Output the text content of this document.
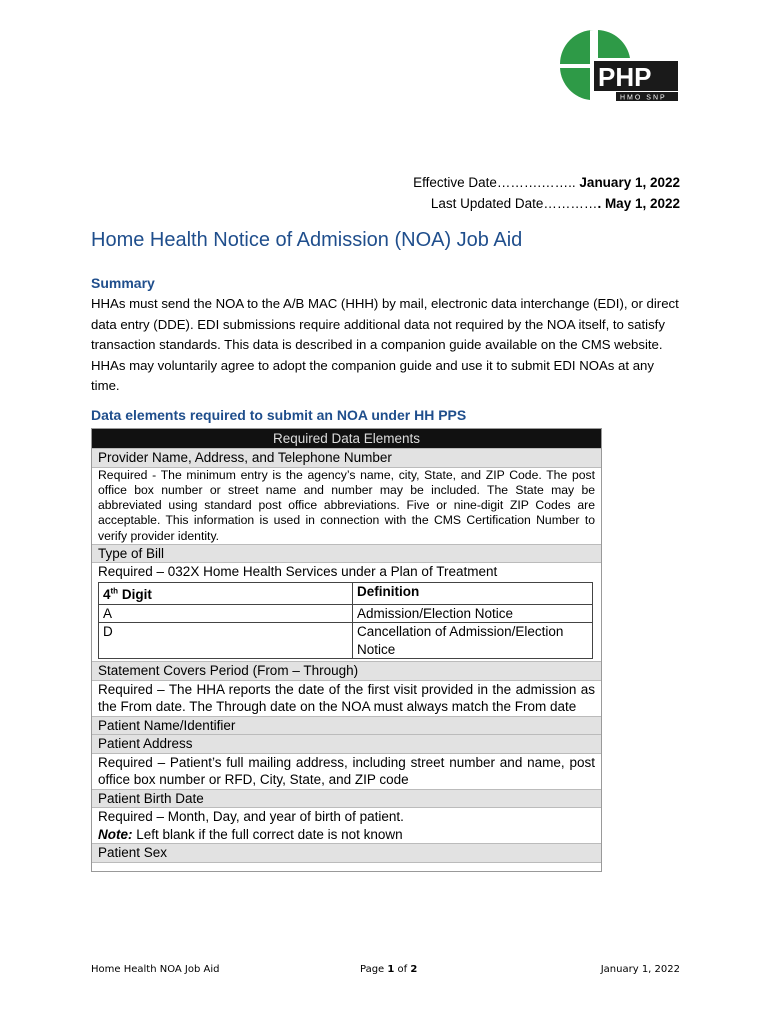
PHP	TM
HMO SNP
Effective Date……….…….. January 1, 2022
Last Updated Date…………. May 1, 2022
Home Health Notice of Admission (NOA) Job Aid
Summary
HHAs must send the NOA to the A/B MAC (HHH) by mail, electronic data interchange (EDI), or direct data entry (DDE). EDI submissions require additional data not required by the NOA itself, to satisfy transaction standards. This data is described in a companion guide available on the CMS website. HHAs may voluntarily agree to adopt the companion guide and use it to submit EDI NOAs at any time.
Data elements required to submit an NOA under HH PPS
Required Data Elements
Provider Name, Address, and Telephone Number
Required - The minimum entry is the agency’s name, city, State, and ZIP Code. The post office box number or street name and number may be included. The State may be abbreviated using standard post office abbreviations. Five or nine-digit ZIP Codes are acceptable. This information is used in connection with the CMS Certification Number to verify provider identity.
Type of Bill
Required – 032X Home Health Services under a Plan of Treatment
4th Digit	Definition
A	Admission/Election Notice
D	Cancellation of Admission/Election Notice
Statement Covers Period (From – Through)
Required – The HHA reports the date of the first visit provided in the admission as the From date. The Through date on the NOA must always match the From date
Patient Name/Identifier
Patient Address
Required – Patient’s full mailing address, including street number and name, post office box number or RFD, City, State, and ZIP code
Patient Birth Date
Required – Month, Day, and year of birth of patient.
Note: Left blank if the full correct date is not known
Patient Sex
Home Health NOA Job Aid	Page 1 of 2	January 1, 2022
